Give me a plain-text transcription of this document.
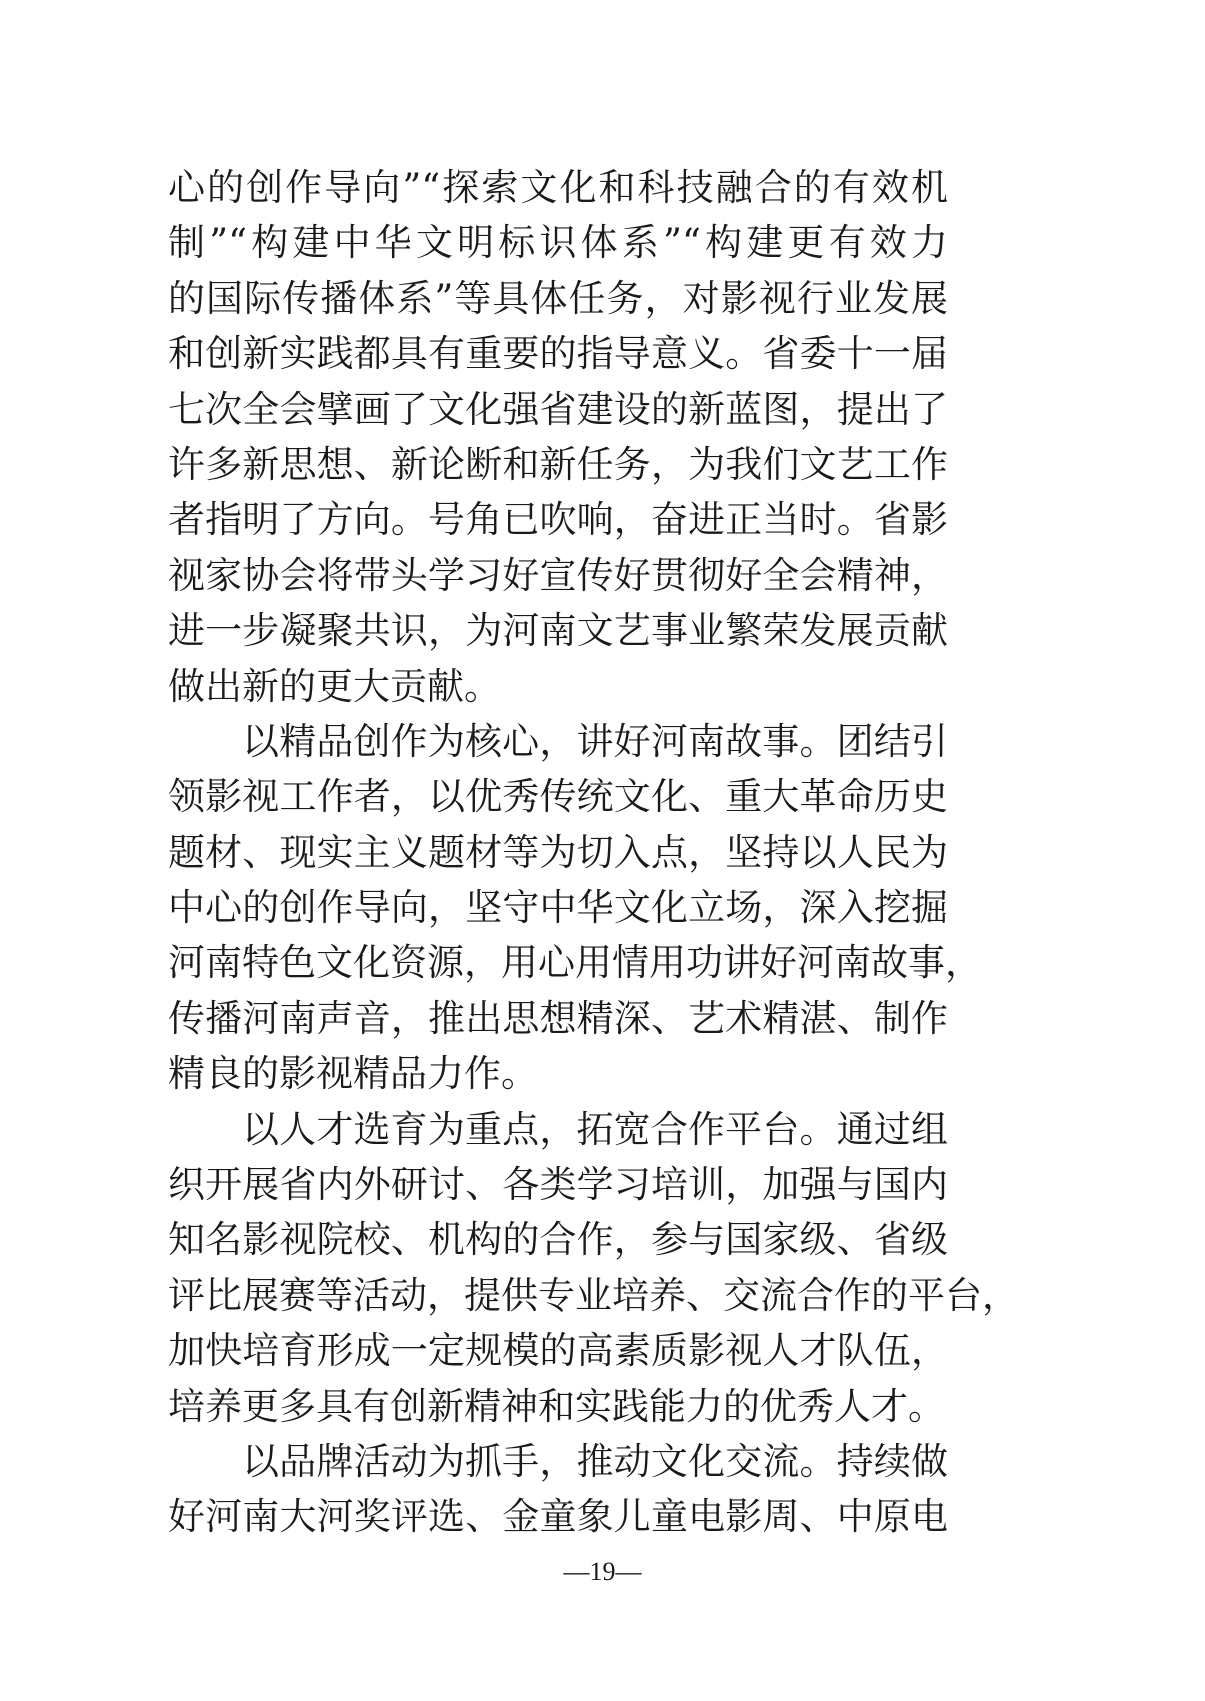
心的创作导向”“探索文化和科技融合的有效机
制”“构建中华文明标识体系”“构建更有效力
的国际传播体系”等具体任务，对影视行业发展
和创新实践都具有重要的指导意义。省委十一届
七次全会擘画了文化强省建设的新蓝图，提出了
许多新思想、新论断和新任务，为我们文艺工作
者指明了方向。号角已吹响，奋进正当时。省影
视家协会将带头学习好宣传好贯彻好全会精神，
进一步凝聚共识，为河南文艺事业繁荣发展贡献
做出新的更大贡献。
以精品创作为核心，讲好河南故事。团结引
领影视工作者，以优秀传统文化、重大革命历史
题材、现实主义题材等为切入点，坚持以人民为
中心的创作导向，坚守中华文化立场，深入挖掘
河南特色文化资源，用心用情用功讲好河南故事，
传播河南声音，推出思想精深、艺术精湛、制作
精良的影视精品力作。
以人才选育为重点，拓宽合作平台。通过组
织开展省内外研讨、各类学习培训，加强与国内
知名影视院校、机构的合作，参与国家级、省级
评比展赛等活动，提供专业培养、交流合作的平台，
加快培育形成一定规模的高素质影视人才队伍，
培养更多具有创新精神和实践能力的优秀人才。
以品牌活动为抓手，推动文化交流。持续做
好河南大河奖评选、金童象儿童电影周、中原电
—19—
